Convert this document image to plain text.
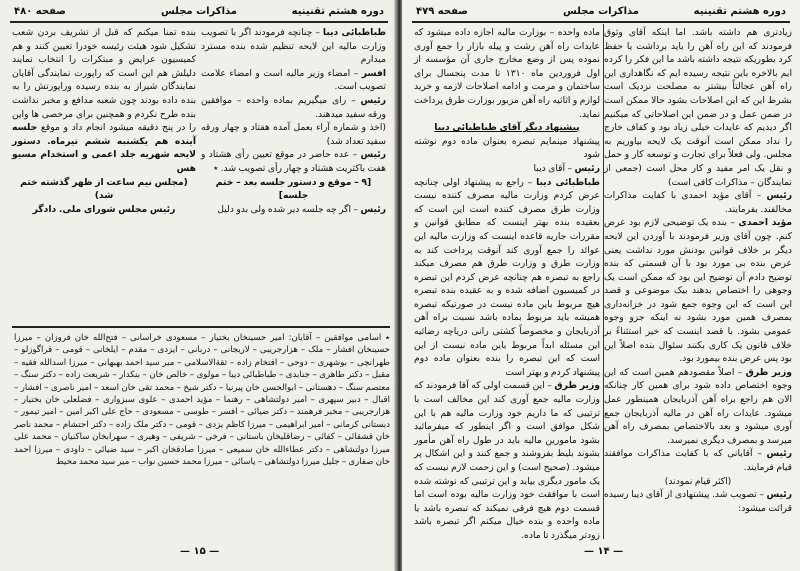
دوره هشتم تقنینیه
مذاکرات مجلس
صفحه ۴۸۰

طباطبائی دیبا – چنانچه فرمودند اگر با تصویب وزارت مالیه این لایحه تنظیم شده بنده مسترد میدارم

افسر – امضاء وزیر مالیه است و امضاء علامت تصویب است.

رئیس – رای میگیریم بماده واحده – موافقین ورقه سفید میدهند.

(اخذ و شماره آراء بعمل آمده هفتاد و چهار ورقه سفید تعداد شد)

رئیس – عده حاضر در موقع تعیین رأی هشتاد و هفت باکثریت هشتاد و چهار رأی تصویب شد. ٭

[۹ – موقع و دستور جلسه بعد – ختم جلسه]

رئیس – اگر چه جلسه دیر شده ولی بدو دلیل

بنده تمنا میکنم که قبل از تشریف بردن شعب تشکیل شود هیئت رئیسه خودرا تعیین کنند و هم کمیسیون عرایض و مبتکرات را انتخاب نمایند دلیلش هم این است که راپورت نمایندگی آقایان نمایندگان شیراز به بنده رسیده وراپورتش را به بنده داده بودند چون شعبه مدافع و مخبر نداشت بنده طرح نکردم و همچنین برای مرخصی ها واین را در پنج دقیقه میشود انجام داد و موقع جلسه آینده هم یکشنبه ششم تیرماه. دستور لایحه شهریه جلد اعمی و استخدام مسیو هس

(مجلس نیم ساعت از ظهر گذشته ختم شد)

رئیس مجلس شورای ملی. دادگر

٭ اسامی موافقین – آقایان: امیر حسینخان بختیار – مسعودی خراسانی – فتح‌الله خان فروزان – میرزا حسینخان افشار – ملک – هزارجریبی – لاریجانی – دربانی – ایزدی – مقدم – ایلخانی – قومی – قراگوزلو – طهرانچی – بوشهری – دوحی – افتخام زاده – ثقة‌الاسلامی – میر سید احمد بهبهانی – میرزا اسدالله فقیه – مقبل – دکتر طاهری – جنابدی – طباطبائی دیبا – مولوی – خالص خان – بنکدار – شریعت زاده – دکتر سنگ – معتصم سنگ – دهستانی – ابوالحسن خان پیرنیا – دکتر شیخ – محمد تقی خان اسعد – امیر ناصری – افشار – اقبال – دبیر سپهری – امیر دولتشاهی – رهنما – مؤید احمدی – علوی سبزواری – فضلعلی خان بختیار – هزارجریبی – مخبر فرهمند – دکتر ضیائی – افسر – طوسی – مسعودی – حاج علی اکبر امین – امیر تیمور – دبستانی کرمانی – امیر ابراهیمی – میرزا کاظم یزدی – قومی – دکتر ملک زاده – دکتر احتشام – محمد ناصر خان قشقائی – کفائی – رضاقلیخان باستانی – فرخی – شریفی – وهیری – سهرابخان ساکنیان – محمد علی میرزا دولتشاهی – دکتر عطاءالله خان سمیعی – میرزا صادقخان اکبر – سید ضیائی – داودی – میرزا احمد خان صفاری – جلیل میرزا دولتشاهی – یاسائی – میرزا محمد حسین نواب – میر سید محمد محیط
— ۱۵ —
دوره هشتم تقنینیه
مذاکرات مجلس
صفحه ۴۷۹

ماده واحده – بوزارت مالیه اجازه داده میشود که عایدات راه آهن رشت و پیله بازار را جمع آوری نموده پس از وضع مخارج جاری آن مؤسسه از اول فروردین ماه ۱۳۱۰ تا مدت پنجسال برای ساختمان و مرمت و ادامه اصلاحات لازمه و خرید لوازم و اثاثیه راه آهن مزبور بوزارت طرق پرداخت نماید.

پیشنهاد دیگر آقای طباطبائی دیبا

پیشنهاد مینمایم تبصره بعنوان ماده دوم نوشته شود

رئیس – آقای دیبا

طباطبائی دیبا – راجع به پیشنهاد اولی چنانچه عرض کردم وزارت مالیه مصرف کننده نیست وزارت طرق مصرف کننده است این است که بعقیده بنده بهتر اینست که مطابق قوانین و مقررات جاریه قاعده اینست که وزارت مالیه این عوائد را جمع آوری کند آنوقت پرداخت کند به وزارت طرق و وزارت طرق هم مصرف میکند راجع به تبصره هم چنانچه عرض کردم این تبصره در کمیسیون اضافه شده و به عقیده بنده تبصره هیچ مربوط باین ماده نیست در صورتیکه تبصره همیشه باید مربوط بماده باشد نسبت براه آهن آذربایجان و مخصوصاً کشتی رانی دریاچه رضائیه این مسئله ابداً مربوط باین ماده نیست از این است که این تبصره را بنده بعنوان ماده دوم پیشنهاد کردم و بهتر است

وزیر طرق – این قسمت اولی که آقا فرمودند که وزارت مالیه جمع آوری کند این مخالف است با ترتیبی که ما داریم خود وزارت مالیه هم با این شکل موافق است و اگر اینطور که میفرمائید بشود مامورین مالیه باید در طول راه آهن مأمور بشوند بلیط بفروشند و جمع کنند و این اشکال پر میشود. (صحیح است) و این زحمت لازم نیست که یک مامور دیگری بیاید و این ترتیبی که نوشته شده است با موافقت خود وزارت مالیه بوده است اما قسمت دوم هیچ فرقی نمیکند که تبصره باشد یا ماده واحده و بنده خیال میکنم اگر تبصره باشد زودتر میگذرد تا ماده.

زیادتری هم داشته باشد. اما اینکه آقای وثوق فرمودند که این راه آهن را باید برداشت یا حفظ کرد بطوریکه نتیجه داشته باشد ما این فکر را کرده ایم بالاخره باین نتیجه رسیده ایم که نگاهداری این راه آهن عجالتاً بیشتر به مصلحت نزدیک است بشرط این که این اصلاحات بشود حالا ممکن است در ضمن عمل و در ضمن این اصلاحاتی که میکنیم اگر دیدیم که عایدات خیلی زیاد بود و کفاف خارج را نداد ممکن است آنوقت یک لایحه بیاوریم به مجلس. ولی فعلاً برای تجارت و توسعه کار و حمل و نقل یک امر مفید و کار محل است (جمعی از نمایندگان – مذاکرات کافی است)

رئیس – آقای مؤید احمدی با کفایت مذاکرات مخالفند. بفرمایند.

مؤید احمدی – بنده یک توضیحی لازم بود عرض کنم. چون آقای وزیر فرمودند با آوردن این لایحه دیگر بر خلاف قوانین بودنش مورد نداشت یعنی عرض بنده بی مورد بود با آن قسمتی که بنده توضیح دادم آن توضیح این بود که ممکن است یک وجوهی را اختصاص بدهند بیک موضوعی و قصد این است که این وجوه جمع شود در خزانه‌داری بمصرف همین مورد بشود نه اینکه جزو وجوه عمومی بشود. با قصد اینست که خیر استثناءً بر خلاف قانون یک کاری بکنند سئوال بنده اصلاً این بود پس عرض بنده بیمورد بود.

وزیر طرق – اصلاً مقصودهم همین است که این وجوه اختصاص داده شود برای همین کار چنانکه الان هم راجع براه آهن آذربایجان همینطور عمل میشود. عایدات راه آهن در مالیه آذربایجان جمع آوری میشود و بعد بالاختصاص بمصرف راه آهن میرسد و بمصرف دیگری نمیرسد.

رئیس – آقایانی که با کفایت مذاکرات موافقند قیام فرمایند.

(اکثر قیام نمودند)

رئیس – تصویب شد. پیشنهادی از آقای دیبا رسیده قرائت میشود:

— ۱۴ —
